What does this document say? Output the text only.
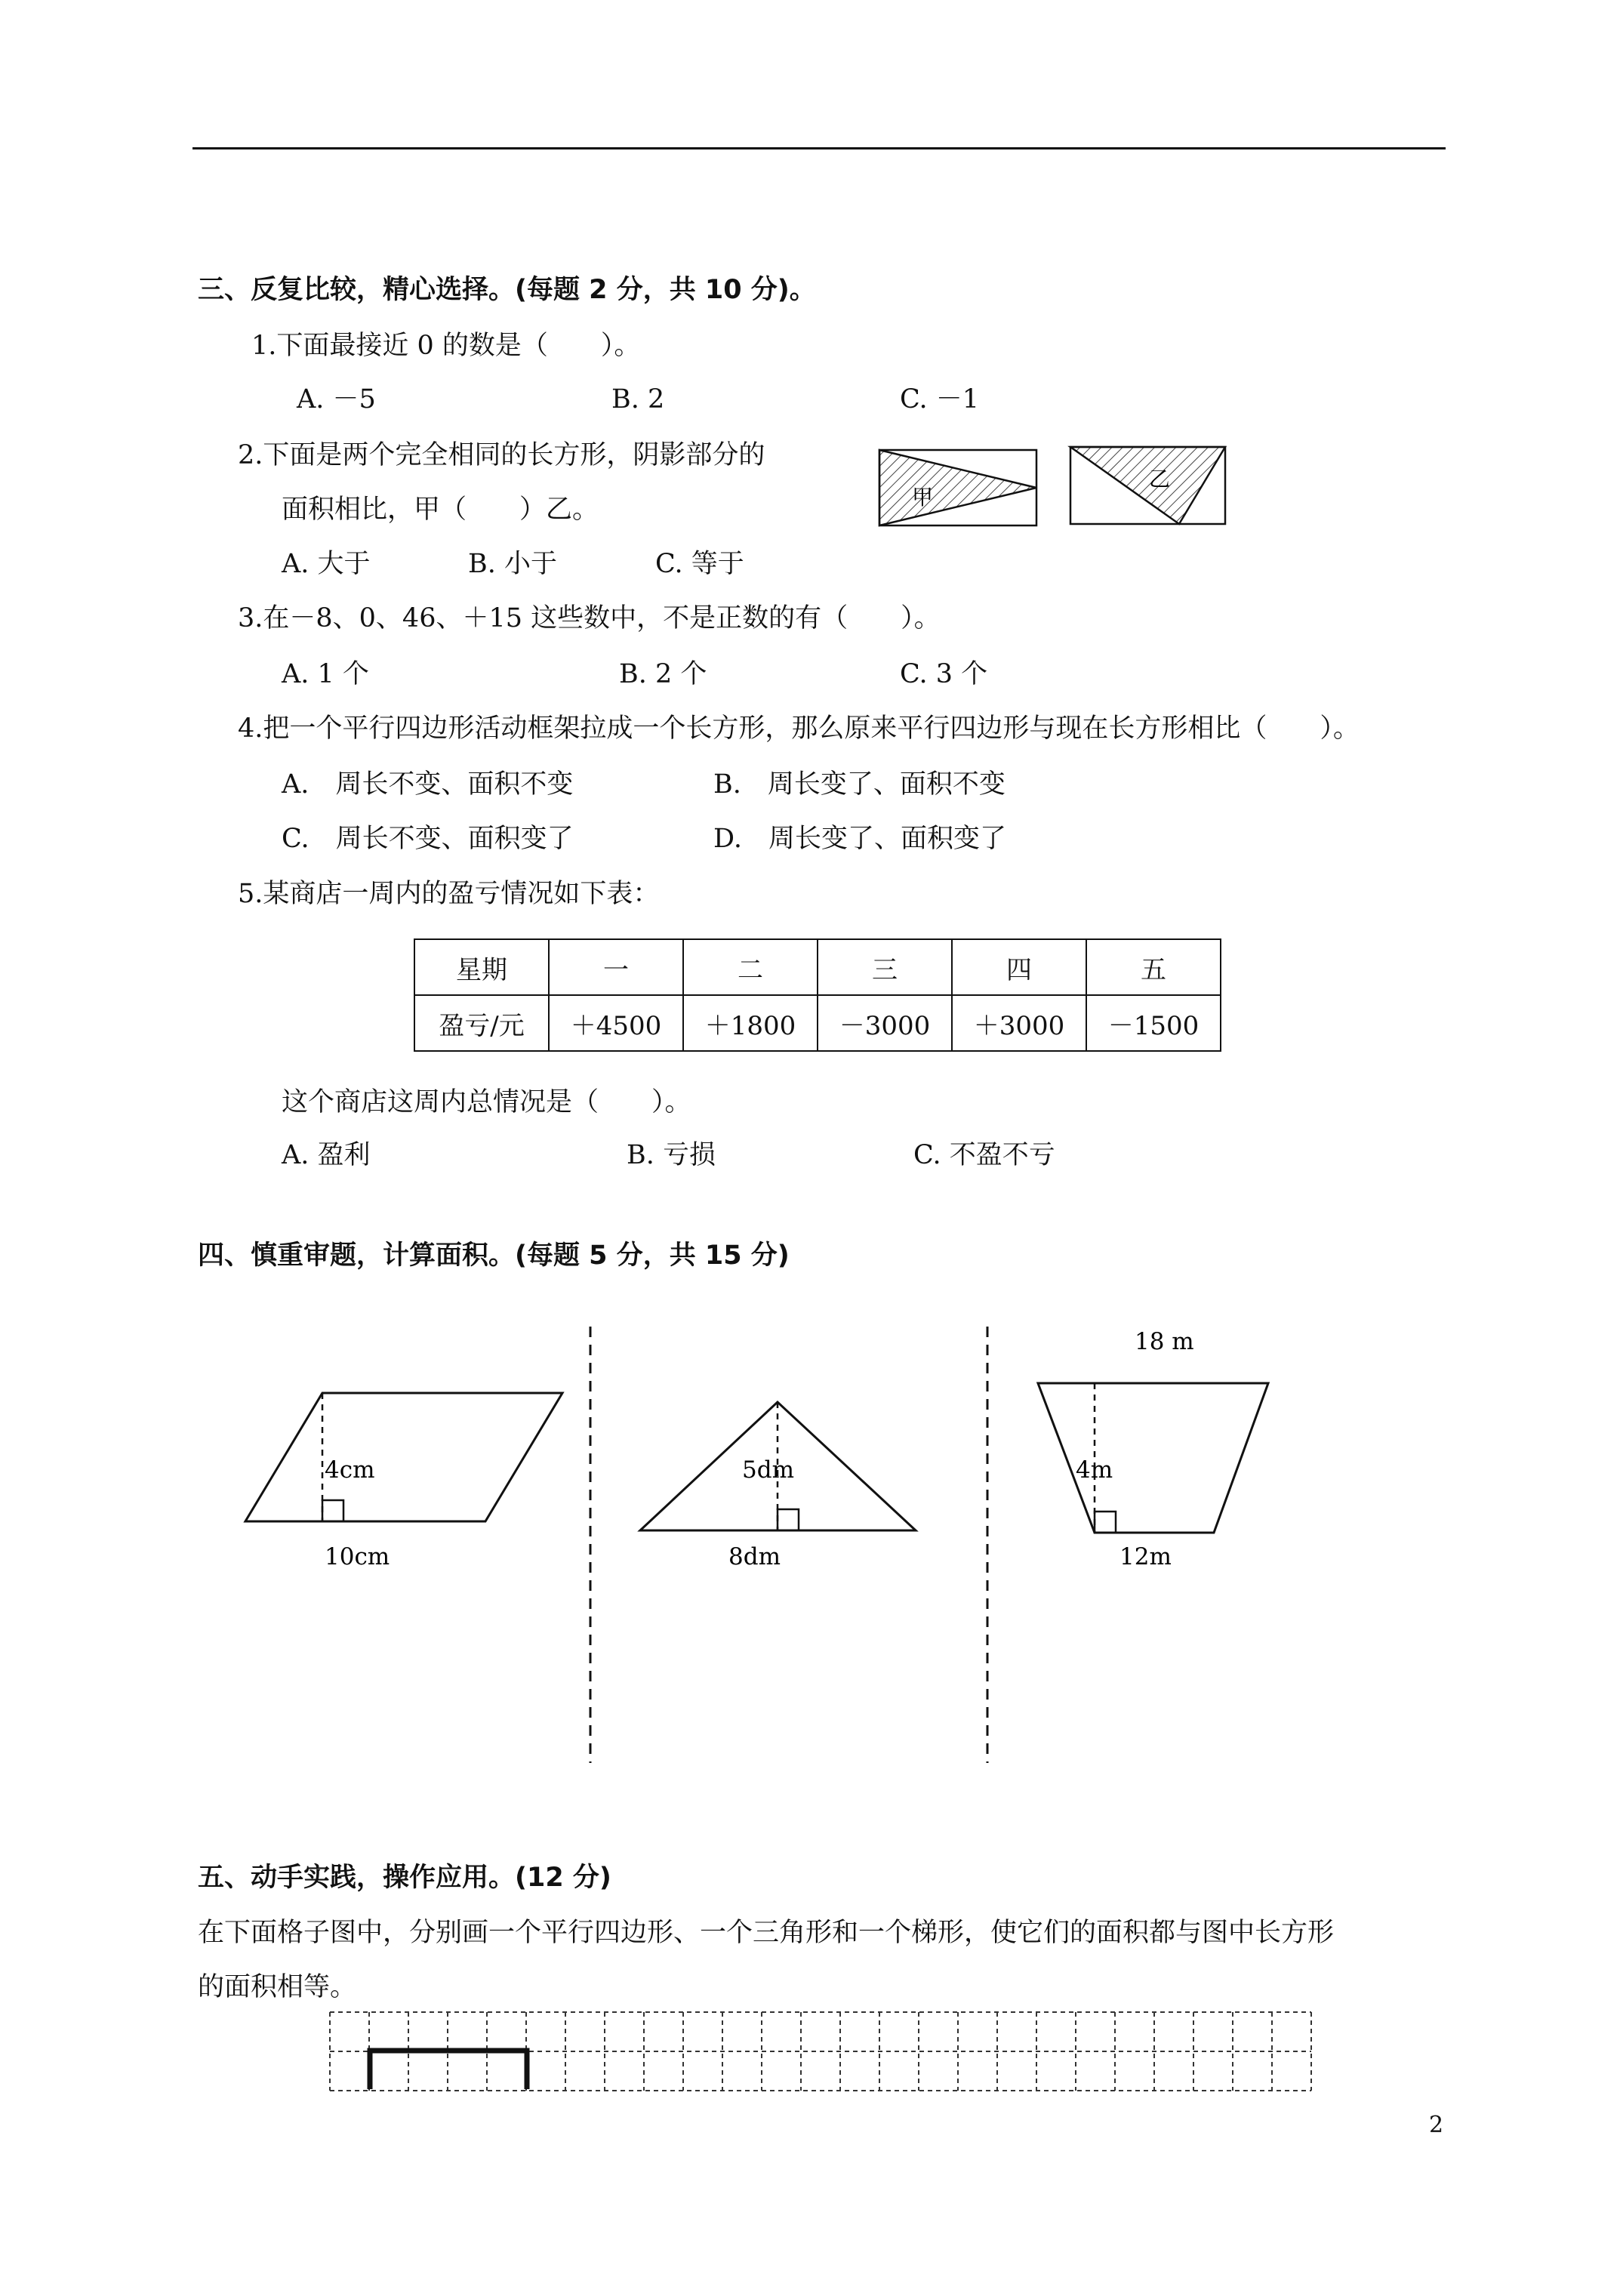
三、反复比较，精心选择。(每题 2 分，共 10 分)。
1.下面最接近 0 的数是（　　）。
A. －5	B. 2	C. －1
2.下面是两个完全相同的长方形，阴影部分的
面积相比，甲（　　）乙。
A. 大于	B. 小于	C. 等于
3.在－8、0、46、＋15 这些数中，不是正数的有（　　）。
A. 1 个	B. 2 个	C. 3 个
4.把一个平行四边形活动框架拉成一个长方形，那么原来平行四边形与现在长方形相比（　　）。
A.　周长不变、面积不变	B.　周长变了、面积不变
C.　周长不变、面积变了	D.　周长变了、面积变了
5.某商店一周内的盈亏情况如下表：
星期	一	二	三	四	五
盈亏/元	＋4500	＋1800	－3000	＋3000	－1500
这个商店这周内总情况是（　　）。
A. 盈利	B. 亏损	C. 不盈不亏
四、慎重审题，计算面积。(每题 5 分，共 15 分)
五、动手实践，操作应用。(12 分)
在下面格子图中，分别画一个平行四边形、一个三角形和一个梯形，使它们的面积都与图中长方形
的面积相等。
2
甲
乙
4cm
10cm
5dm
8dm
18 m
4m
12m
